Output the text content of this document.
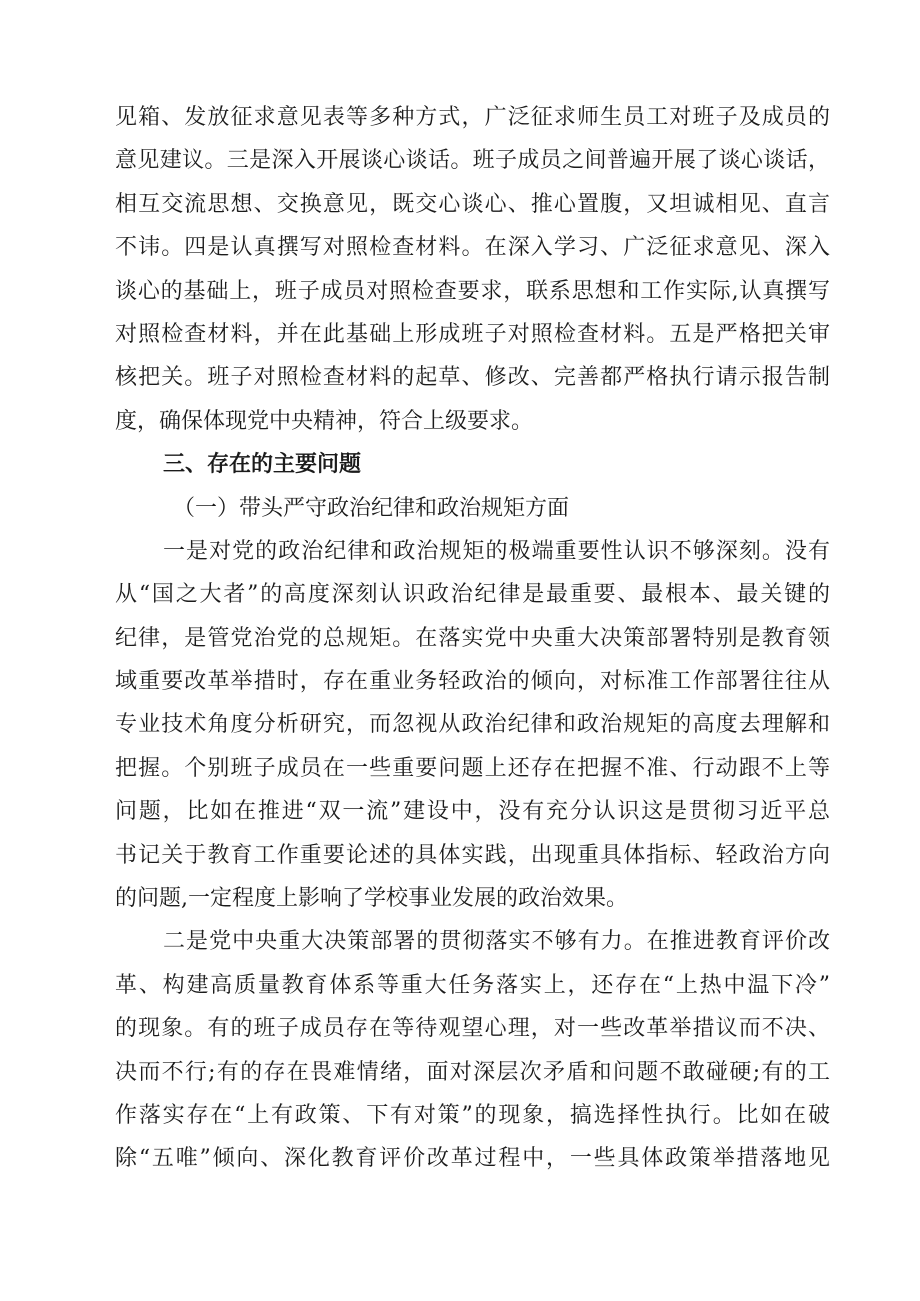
见箱、发放征求意见表等多种方式，广泛征求师生员工对班子及成员的
意见建议。三是深入开展谈心谈话。班子成员之间普遍开展了谈心谈话，
相互交流思想、交换意见，既交心谈心、推心置腹，又坦诚相见、直言
不讳。四是认真撰写对照检查材料。在深入学习、广泛征求意见、深入
谈心的基础上，班子成员对照检查要求，联系思想和工作实际,认真撰写
对照检查材料，并在此基础上形成班子对照检查材料。五是严格把关审
核把关。班子对照检查材料的起草、修改、完善都严格执行请示报告制
度，确保体现党中央精神，符合上级要求。
三、存在的主要问题
（一）带头严守政治纪律和政治规矩方面
一是对党的政治纪律和政治规矩的极端重要性认识不够深刻。没有
从“国之大者”的高度深刻认识政治纪律是最重要、最根本、最关键的
纪律，是管党治党的总规矩。在落实党中央重大决策部署特别是教育领
域重要改革举措时，存在重业务轻政治的倾向，对标准工作部署往往从
专业技术角度分析研究，而忽视从政治纪律和政治规矩的高度去理解和
把握。个别班子成员在一些重要问题上还存在把握不准、行动跟不上等
问题，比如在推进“双一流”建设中，没有充分认识这是贯彻习近平总
书记关于教育工作重要论述的具体实践，出现重具体指标、轻政治方向
的问题,一定程度上影响了学校事业发展的政治效果。
二是党中央重大决策部署的贯彻落实不够有力。在推进教育评价改
革、构建高质量教育体系等重大任务落实上，还存在“上热中温下冷”
的现象。有的班子成员存在等待观望心理，对一些改革举措议而不决、
决而不行;有的存在畏难情绪，面对深层次矛盾和问题不敢碰硬;有的工
作落实存在“上有政策、下有对策”的现象，搞选择性执行。比如在破
除“五唯”倾向、深化教育评价改革过程中，一些具体政策举措落地见
